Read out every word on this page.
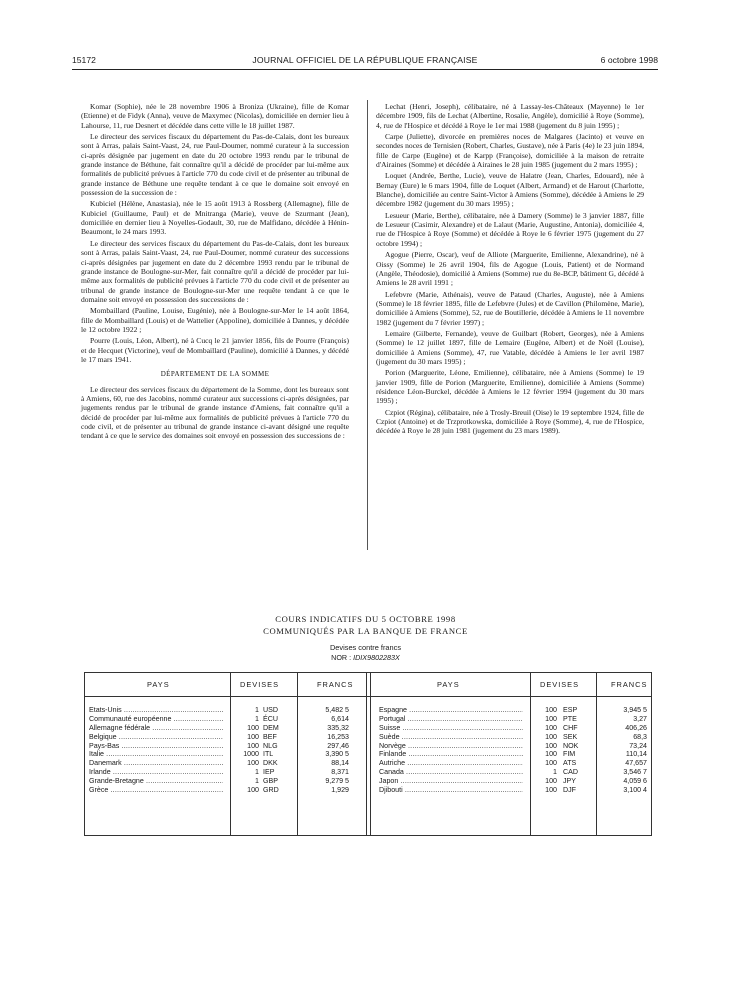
15172	JOURNAL OFFICIEL DE LA RÉPUBLIQUE FRANÇAISE	6 octobre 1998

Komar (Sophie), née le 28 novembre 1906 à Broniza (Ukraine), fille de Komar (Etienne) et de Fidyk (Anna), veuve de Maxymec (Nicolas), domiciliée en dernier lieu à Lahourse, 11, rue Desnert et décédée dans cette ville le 18 juillet 1987.

Le directeur des services fiscaux du département du Pas-de-Calais, dont les bureaux sont à Arras, palais Saint-Vaast, 24, rue Paul-Doumer, nommé curateur à la succession ci-après désignée par jugement en date du 20 octobre 1993 rendu par le tribunal de grande instance de Béthune, fait connaître qu'il a décidé de procéder par lui-même aux formalités de publicité prévues à l'article 770 du code civil et de présenter au tribunal de grande instance de Béthune une requête tendant à ce que le domaine soit envoyé en possession de la succession de :

Kubiciel (Hélène, Anastasia), née le 15 août 1913 à Rossberg (Allemagne), fille de Kubiciel (Guillaume, Paul) et de Mnitranga (Marie), veuve de Szurmant (Jean), domiciliée en dernier lieu à Noyelles-Godault, 30, rue de Malfidano, décédée à Hénin-Beaumont, le 24 mars 1993.

Le directeur des services fiscaux du département du Pas-de-Calais, dont les bureaux sont à Arras, palais Saint-Vaast, 24, rue Paul-Doumer, nommé curateur des successions ci-après désignées par jugement en date du 2 décembre 1993 rendu par le tribunal de grande instance de Boulogne-sur-Mer, fait connaître qu'il a décidé de procéder par lui-même aux formalités de publicité prévues à l'article 770 du code civil et de présenter au tribunal de grande instance de Boulogne-sur-Mer une requête tendant à ce que le domaine soit envoyé en possession des successions de :

Mombaillard (Pauline, Louise, Eugénie), née à Boulogne-sur-Mer le 14 août 1864, fille de Mombaillard (Louis) et de Wattelier (Appoline), domiciliée à Dannes, y décédée le 12 octobre 1922 ;

Pourre (Louis, Léon, Albert), né à Cucq le 21 janvier 1856, fils de Pourre (François) et de Hecquet (Victorine), veuf de Mombaillard (Pauline), domicilié à Dannes, y décédé le 17 mars 1941.

DÉPARTEMENT DE LA SOMME

Le directeur des services fiscaux du département de la Somme, dont les bureaux sont à Amiens, 60, rue des Jacobins, nommé curateur aux successions ci-après désignées, par jugements rendus par le tribunal de grande instance d'Amiens, fait connaître qu'il a décidé de procéder par lui-même aux formalités de publicité prévues à l'article 770 du code civil, et de présenter au tribunal de grande instance ci-avant désigné une requête tendant à ce que le service des domaines soit envoyé en possession des successions de :

Lechat (Henri, Joseph), célibataire, né à Lassay-les-Châteaux (Mayenne) le 1er décembre 1909, fils de Lechat (Albertine, Rosalie, Angèle), domicilié à Roye (Somme), 4, rue de l'Hospice et décédé à Roye le 1er mai 1988 (jugement du 8 juin 1995) ;

Carpe (Juliette), divorcée en premières noces de Malgares (Jacinto) et veuve en secondes noces de Ternisien (Robert, Charles, Gustave), née à Paris (4e) le 23 juin 1894, fille de Carpe (Eugène) et de Karpp (Françoise), domiciliée à la maison de retraite d'Airaines (Somme) et décédée à Airaines le 28 juin 1985 (jugement du 2 mars 1995) ;

Loquet (Andrée, Berthe, Lucie), veuve de Halatre (Jean, Charles, Edouard), née à Bernay (Eure) le 6 mars 1904, fille de Loquet (Albert, Armand) et de Harout (Charlotte, Blanche), domiciliée au centre Saint-Victor à Amiens (Somme), décédée à Amiens le 29 décembre 1982 (jugement du 30 mars 1995) ;

Lesueur (Marie, Berthe), célibataire, née à Damery (Somme) le 3 janvier 1887, fille de Lesueur (Casimir, Alexandre) et de Lalaut (Marie, Augustine, Antonia), domiciliée 4, rue de l'Hospice à Roye (Somme) et décédée à Roye le 6 février 1975 (jugement du 27 octobre 1994) ;

Agogue (Pierre, Oscar), veuf de Alliote (Marguerite, Emilienne, Alexandrine), né à Oissy (Somme) le 26 avril 1904, fils de Agogue (Louis, Patient) et de Normand (Angèle, Théodosie), domicilié à Amiens (Somme) rue du 8e-BCP, bâtiment G, décédé à Amiens le 28 avril 1991 ;

Lefebvre (Marie, Athénais), veuve de Pataud (Charles, Auguste), née à Amiens (Somme) le 18 février 1895, fille de Lefebvre (Jules) et de Cavillon (Philomène, Marie), domiciliée à Amiens (Somme), 52, rue de Boutillerie, décédée à Amiens le 11 novembre 1982 (jugement du 7 février 1997) ;

Lemaire (Gilberte, Fernande), veuve de Guilbart (Robert, Georges), née à Amiens (Somme) le 12 juillet 1897, fille de Lemaire (Eugène, Albert) et de Noël (Louise), domiciliée à Amiens (Somme), 47, rue Vatable, décédée à Amiens le 1er avril 1987 (jugement du 30 mars 1995) ;

Porion (Marguerite, Léone, Emilienne), célibataire, née à Amiens (Somme) le 19 janvier 1909, fille de Porion (Marguerite, Emilienne), domiciliée à Amiens (Somme) résidence Léon-Burckel, décédée à Amiens le 12 février 1994 (jugement du 30 mars 1995) ;

Czpiot (Régina), célibataire, née à Trosly-Breuil (Oise) le 19 septembre 1924, fille de Czpiot (Antoine) et de Trzprotkowska, domiciliée à Roye (Somme), 4, rue de l'Hospice, décédée à Roye le 28 juin 1981 (jugement du 23 mars 1989).

COURS INDICATIFS DU 5 OCTOBRE 1998
COMMUNIQUÉS PAR LA BANQUE DE FRANCE
Devises contre francs
NOR : IDIX9802283X
PAYS	DEVISES	FRANCS	PAYS	DEVISES	FRANCS
Etats-Unis .....	1 USD	5,482 5	Espagne .....	100 ESP	3,945 5
Communauté européenne .....	1 ÉCU	6,614	Portugal .....	100 PTE	3,27
Allemagne fédérale .....	100 DEM	335,32	Suisse .....	100 CHF	406,26
Belgique .....	100 BEF	16,253	Suède .....	100 SEK	68,3
Pays-Bas .....	100 NLG	297,46	Norvège .....	100 NOK	73,24
Italie .....	1000 ITL	3,390 5	Finlande .....	100 FIM	110,14
Danemark .....	100 DKK	88,14	Autriche .....	100 ATS	47,657
Irlande .....	1 IEP	8,371	Canada .....	1 CAD	3,546 7
Grande-Bretagne .....	1 GBP	9,279 5	Japon .....	100 JPY	4,059 6
Grèce .....	100 GRD	1,929	Djibouti .....	100 DJF	3,100 4
